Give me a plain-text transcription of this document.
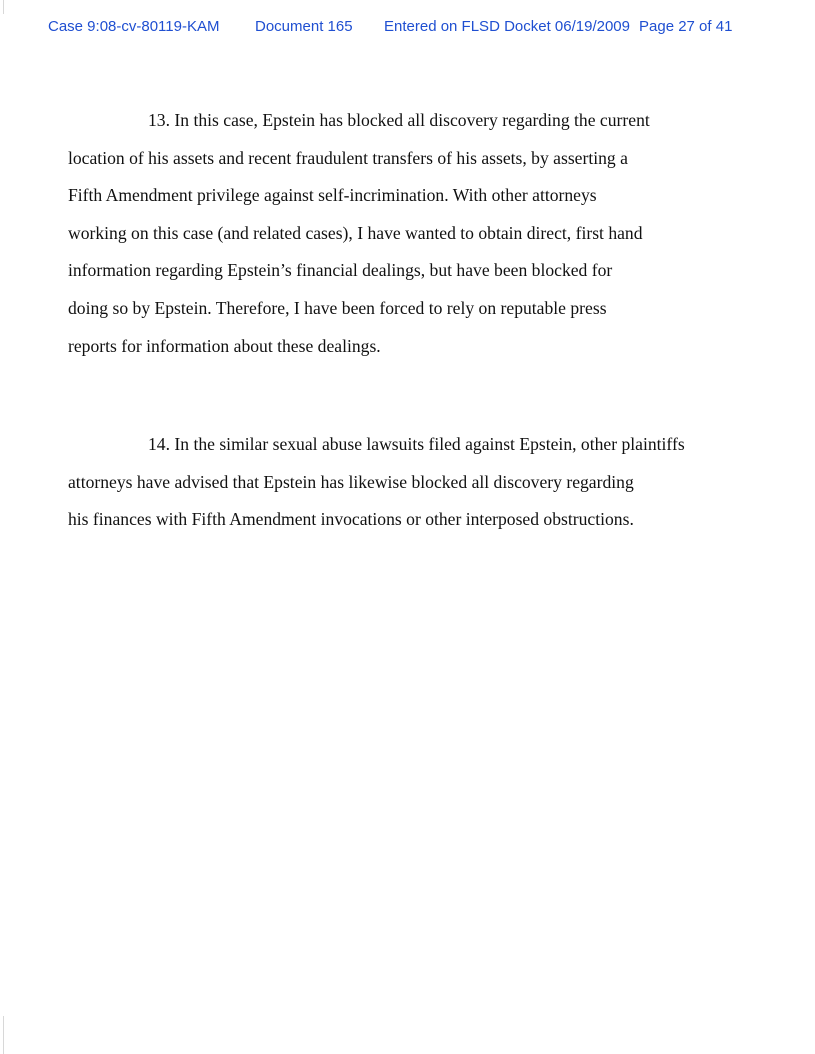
Case 9:08-cv-80119-KAM Document 165 Entered on FLSD Docket 06/19/2009 Page 27 of 41
13. In this case, Epstein has blocked all discovery regarding the current
location of his assets and recent fraudulent transfers of his assets, by asserting a
Fifth Amendment privilege against self-incrimination. With other attorneys
working on this case (and related cases), I have wanted to obtain direct, first hand
information regarding Epstein’s financial dealings, but have been blocked for
doing so by Epstein. Therefore, I have been forced to rely on reputable press
reports for information about these dealings.
14. In the similar sexual abuse lawsuits filed against Epstein, other plaintiffs
attorneys have advised that Epstein has likewise blocked all discovery regarding
his finances with Fifth Amendment invocations or other interposed obstructions.
